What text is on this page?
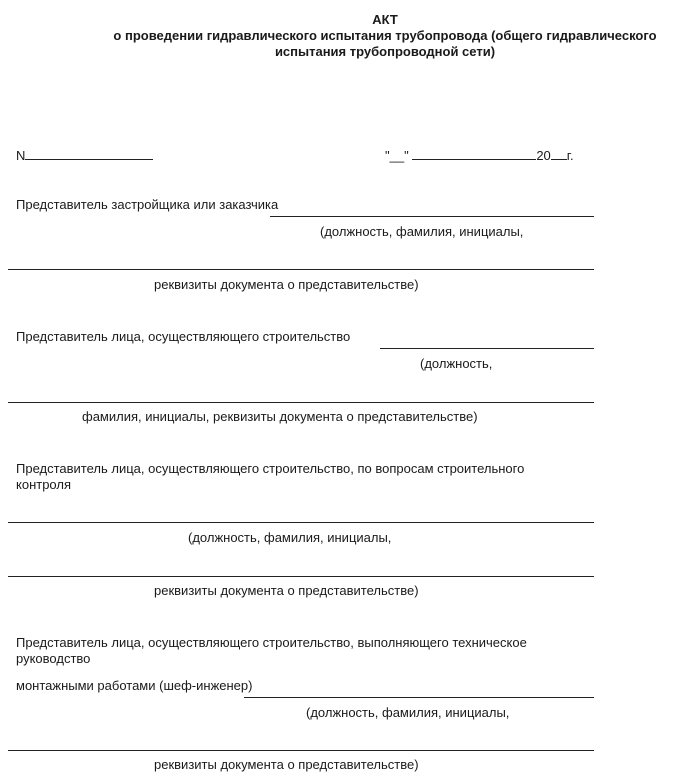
АКТ
о проведении гидравлического испытания трубопровода (общего гидравлического
испытания трубопроводной сети)
N	"__"	20 г.
Представитель застройщика или заказчика
(должность, фамилия, инициалы,
реквизиты документа о представительстве)
Представитель лица, осуществляющего строительство
(должность,
фамилия, инициалы, реквизиты документа о представительстве)
Представитель лица, осуществляющего строительство, по вопросам строительного
контроля
(должность, фамилия, инициалы,
реквизиты документа о представительстве)
Представитель лица, осуществляющего строительство, выполняющего техническое
руководство
монтажными работами (шеф-инженер)
(должность, фамилия, инициалы,
реквизиты документа о представительстве)
